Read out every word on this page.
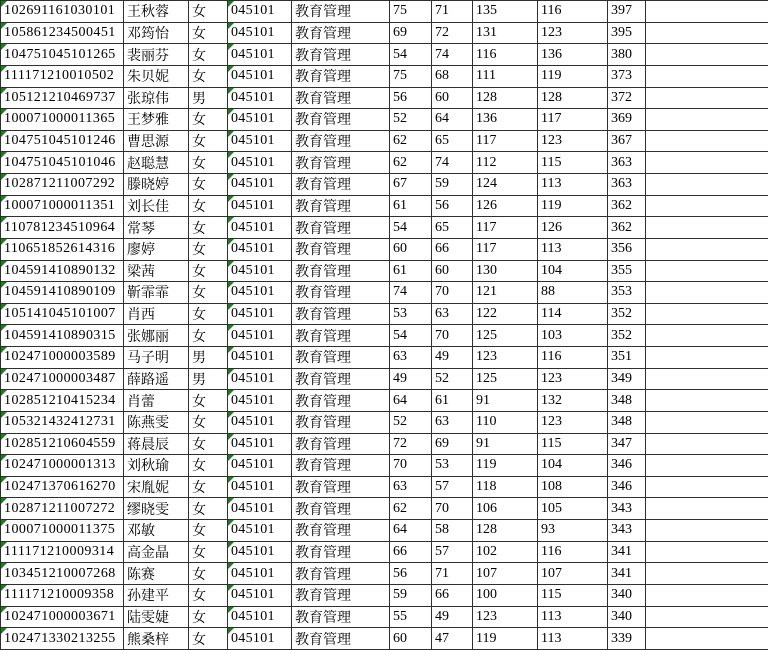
102691161030101	王秋蓉	女	045101	教育管理	75	71	135	116	397	

105861234500451	邓筠怡	女	045101	教育管理	69	72	131	123	395	

104751045101265	裴丽芬	女	045101	教育管理	54	74	116	136	380	

111171210010502	朱贝妮	女	045101	教育管理	75	68	111	119	373	

105121210469737	张琼伟	男	045101	教育管理	56	60	128	128	372	

100071000011365	王梦雅	女	045101	教育管理	52	64	136	117	369	

104751045101246	曹思源	女	045101	教育管理	62	65	117	123	367	

104751045101046	赵聪慧	女	045101	教育管理	62	74	112	115	363	

102871211007292	滕晓婷	女	045101	教育管理	67	59	124	113	363	

100071000011351	刘长佳	女	045101	教育管理	61	56	126	119	362	

110781234510964	常琴	女	045101	教育管理	54	65	117	126	362	

110651852614316	廖婷	女	045101	教育管理	60	66	117	113	356	

104591410890132	梁茜	女	045101	教育管理	61	60	130	104	355	

104591410890109	靳霏霏	女	045101	教育管理	74	70	121	88	353	

105141045101007	肖西	女	045101	教育管理	53	63	122	114	352	

104591410890315	张娜丽	女	045101	教育管理	54	70	125	103	352	

102471000003589	马子明	男	045101	教育管理	63	49	123	116	351	

102471000003487	薛路遥	男	045101	教育管理	49	52	125	123	349	

102851210415234	肖蕾	女	045101	教育管理	64	61	91	132	348	

105321432412731	陈燕雯	女	045101	教育管理	52	63	110	123	348	

102851210604559	蒋晨辰	女	045101	教育管理	72	69	91	115	347	

102471000001313	刘秋瑜	女	045101	教育管理	70	53	119	104	346	

102471370616270	宋胤妮	女	045101	教育管理	63	57	118	108	346	

102871211007272	缪晓雯	女	045101	教育管理	62	70	106	105	343	

100071000011375	邓敏	女	045101	教育管理	64	58	128	93	343	

111171210009314	高金晶	女	045101	教育管理	66	57	102	116	341	

103451210007268	陈赛	女	045101	教育管理	56	71	107	107	341	

111171210009358	孙建平	女	045101	教育管理	59	66	100	115	340	

102471000003671	陆雯婕	女	045101	教育管理	55	49	123	113	340	

102471330213255	熊桑梓	女	045101	教育管理	60	47	119	113	339	
